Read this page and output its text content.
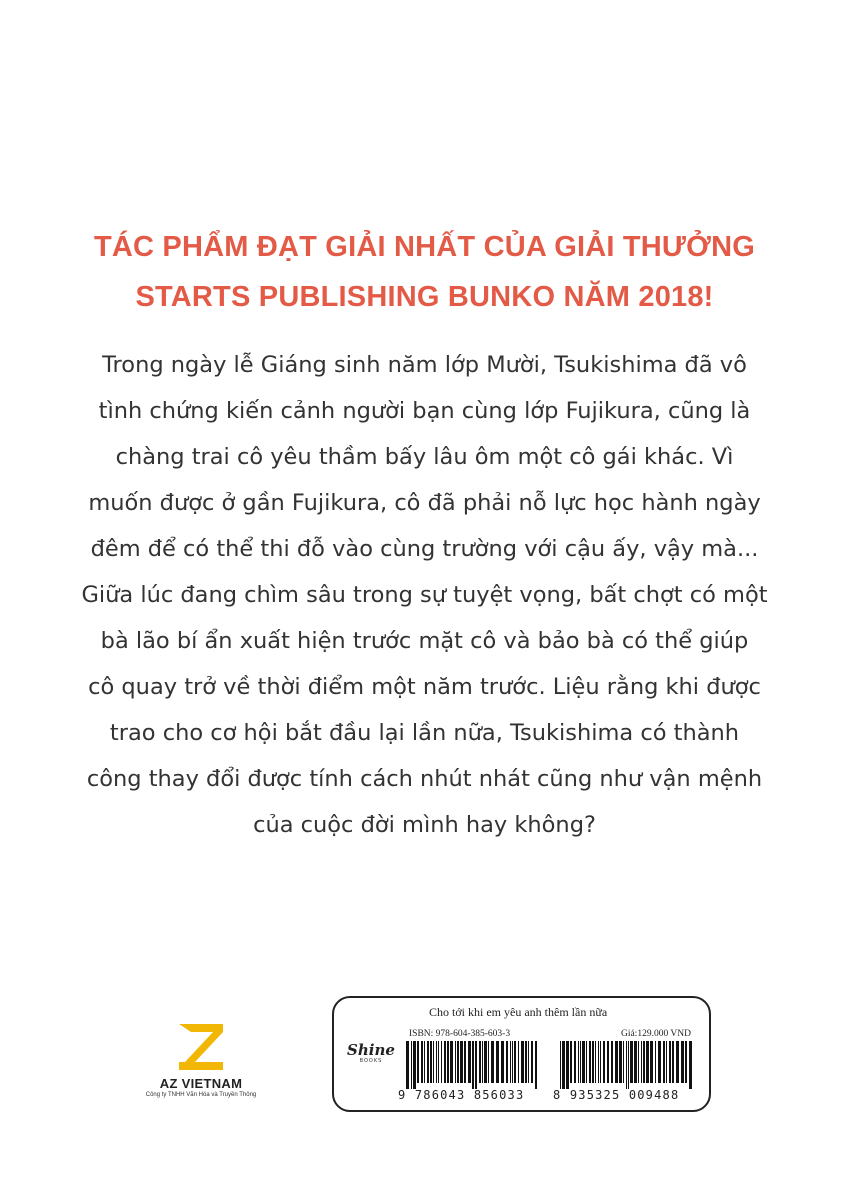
TÁC PHẨM ĐẠT GIẢI NHẤT CỦA GIẢI THƯỞNG
STARTS PUBLISHING BUNKO NĂM 2018!
Trong ngày lễ Giáng sinh năm lớp Mười, Tsukishima đã vô
tình chứng kiến cảnh người bạn cùng lớp Fujikura, cũng là
chàng trai cô yêu thầm bấy lâu ôm một cô gái khác. Vì
muốn được ở gần Fujikura, cô đã phải nỗ lực học hành ngày
đêm để có thể thi đỗ vào cùng trường với cậu ấy, vậy mà...
Giữa lúc đang chìm sâu trong sự tuyệt vọng, bất chợt có một
bà lão bí ẩn xuất hiện trước mặt cô và bảo bà có thể giúp
cô quay trở về thời điểm một năm trước. Liệu rằng khi được
trao cho cơ hội bắt đầu lại lần nữa, Tsukishima có thành
công thay đổi được tính cách nhút nhát cũng như vận mệnh
của cuộc đời mình hay không?
AZ VIETNAM
Công ty TNHH Văn Hóa và Truyền Thông
Cho tới khi em yêu anh thêm lần nữa
ISBN: 978-604-385-603-3	Giá:129.000 VND
Shine
BOOKS
9 786043 856033 8 935325 009488
